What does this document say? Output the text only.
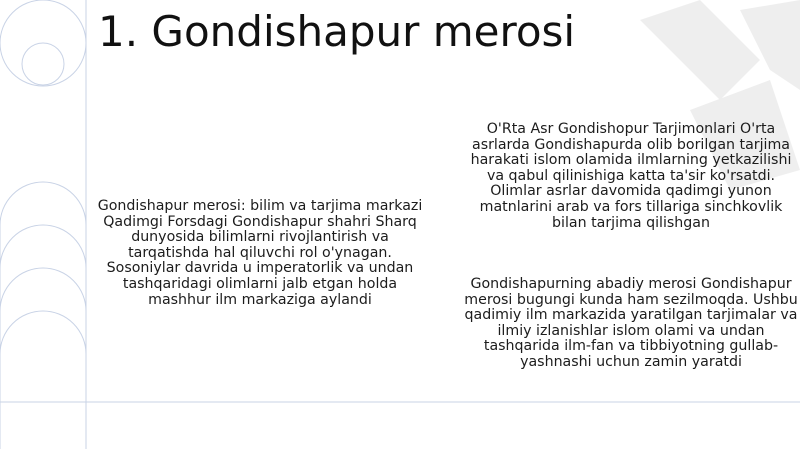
1. Gondishapur merosi

Gondishapur merosi: bilim va tarjima markazi Qadimgi Forsdagi Gondishapur shahri Sharq dunyosida bilimlarni rivojlantirish va tarqatishda hal qiluvchi rol o'ynagan. Sosoniylar davrida u imperatorlik va undan tashqaridagi olimlarni jalb etgan holda mashhur ilm markaziga aylandi

O'Rta Asr Gondishopur Tarjimonlari O'rta asrlarda Gondishapurda olib borilgan tarjima harakati islom olamida ilmlarning yetkazilishi va qabul qilinishiga katta ta'sir ko'rsatdi. Olimlar asrlar davomida qadimgi yunon matnlarini arab va fors tillariga sinchkovlik bilan tarjima qilishgan

Gondishapurning abadiy merosi Gondishapur merosi bugungi kunda ham sezilmoqda. Ushbu qadimiy ilm markazida yaratilgan tarjimalar va ilmiy izlanishlar islom olami va undan tashqarida ilm-fan va tibbiyotning gullab-yashnashi uchun zamin yaratdi
